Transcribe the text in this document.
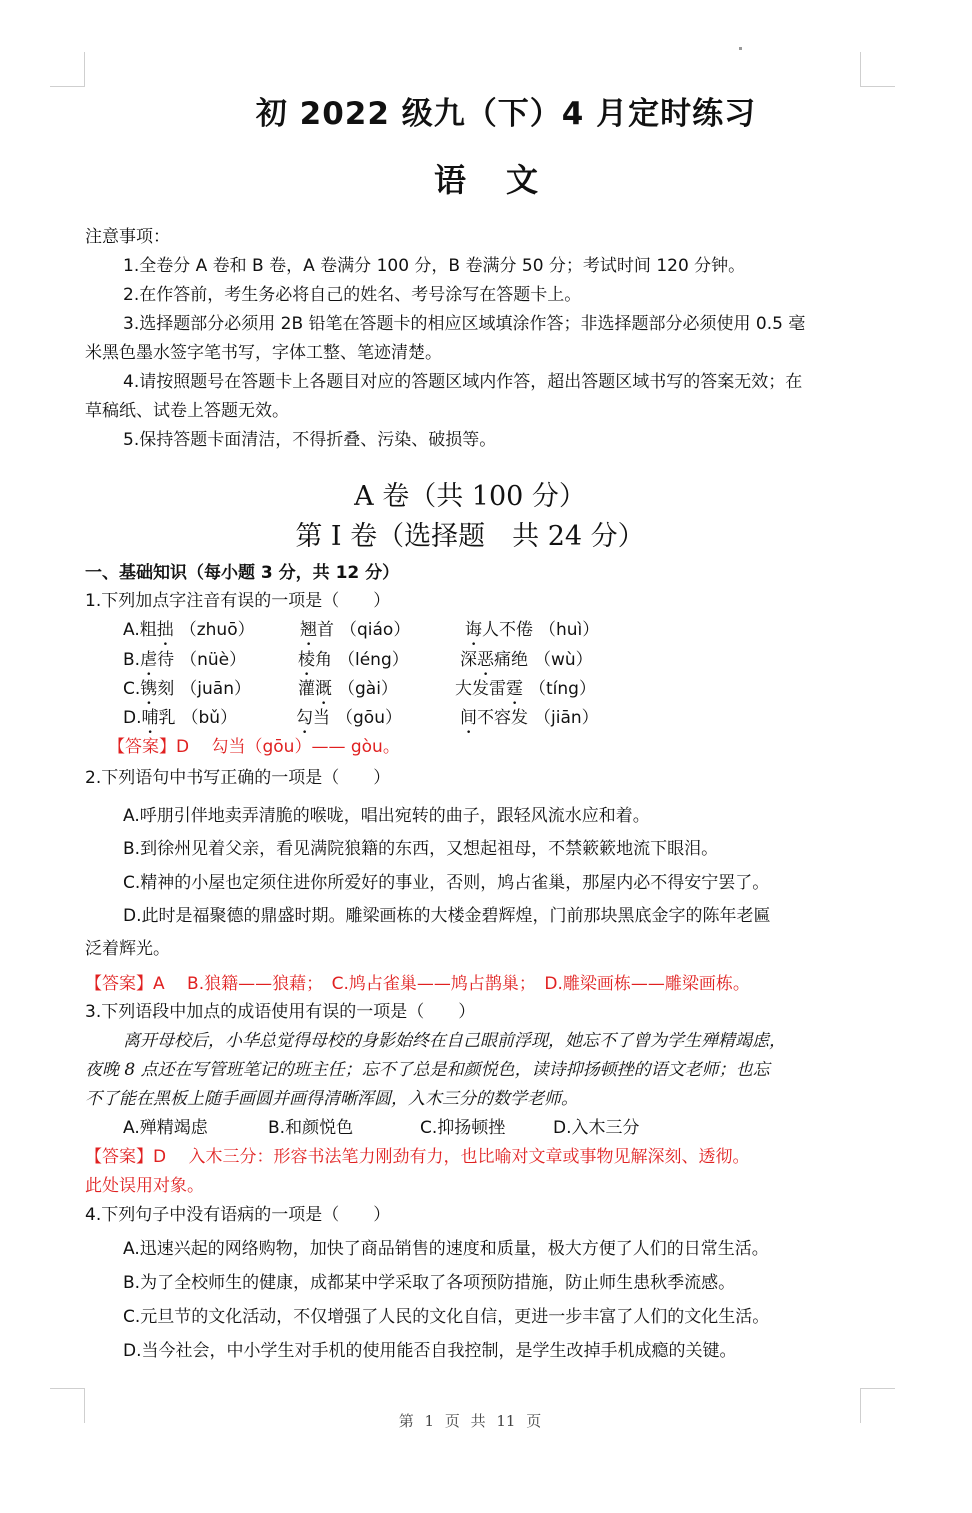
初 2022 级九（下）4 月定时练习
语文
注意事项：
1.全卷分 A 卷和 B 卷，A 卷满分 100 分，B 卷满分 50 分；考试时间 120 分钟。
2.在作答前，考生务必将自己的姓名、考号涂写在答题卡上。
3.选择题部分必须用 2B 铅笔在答题卡的相应区域填涂作答；非选择题部分必须使用 0.5 毫
米黑色墨水签字笔书写，字体工整、笔迹清楚。
4.请按照题号在答题卡上各题目对应的答题区域内作答，超出答题区域书写的答案无效；在
草稿纸、试卷上答题无效。
5.保持答题卡面清洁，不得折叠、污染、破损等。
A 卷（共 100 分）
第 I 卷（选择题　共 24 分）
一、基础知识（每小题 3 分，共 12 分）
1.下列加点字注音有误的一项是（　　）
A.粗拙 （zhuō）	翘首 （qiáo）	诲人不倦 （huì）
B.虐待 （nüè）	棱角 （léng）	深恶痛绝 （wù）
C.镌刻 （juān）	灌溉 （gài）	大发雷霆 （tíng）
D.哺乳 （bǔ）	勾当 （gōu）	间不容发 （jiān）
【答案】D　 勾当（gōu）—— gòu。
2.下列语句中书写正确的一项是（　　）
A.呼朋引伴地卖弄清脆的喉咙，唱出宛转的曲子，跟轻风流水应和着。
B.到徐州见着父亲，看见满院狼籍的东西，又想起祖母，不禁簌簌地流下眼泪。
C.精神的小屋也定须住进你所爱好的事业，否则，鸠占雀巢，那屋内必不得安宁罢了。
D.此时是福聚德的鼎盛时期。雕梁画栋的大楼金碧辉煌，门前那块黑底金字的陈年老匾
泛着辉光。
【答案】A　 B.狼籍——狼藉；　C.鸠占雀巢——鸠占鹊巢；　D.雕梁画栋——雕梁画栋。
3.下列语段中加点的成语使用有误的一项是（　　）
离开母校后，小华总觉得母校的身影始终在自己眼前浮现，她忘不了曾为学生殚精竭虑，
夜晚 8 点还在写管班笔记的班主任；忘不了总是和颜悦色，读诗抑扬顿挫的语文老师；也忘
不了能在黑板上随手画圆并画得清晰浑圆，入木三分的数学老师。
A.殚精竭虑	B.和颜悦色	C.抑扬顿挫	D.入木三分
【答案】D　 入木三分：形容书法笔力刚劲有力，也比喻对文章或事物见解深刻、透彻。
此处误用对象。
4.下列句子中没有语病的一项是（　　）
A.迅速兴起的网络购物，加快了商品销售的速度和质量，极大方便了人们的日常生活。
B.为了全校师生的健康，成都某中学采取了各项预防措施，防止师生患秋季流感。
C.元旦节的文化活动，不仅增强了人民的文化自信，更进一步丰富了人们的文化生活。
D.当今社会，中小学生对手机的使用能否自我控制，是学生改掉手机成瘾的关键。
第 1 页 共 11 页
